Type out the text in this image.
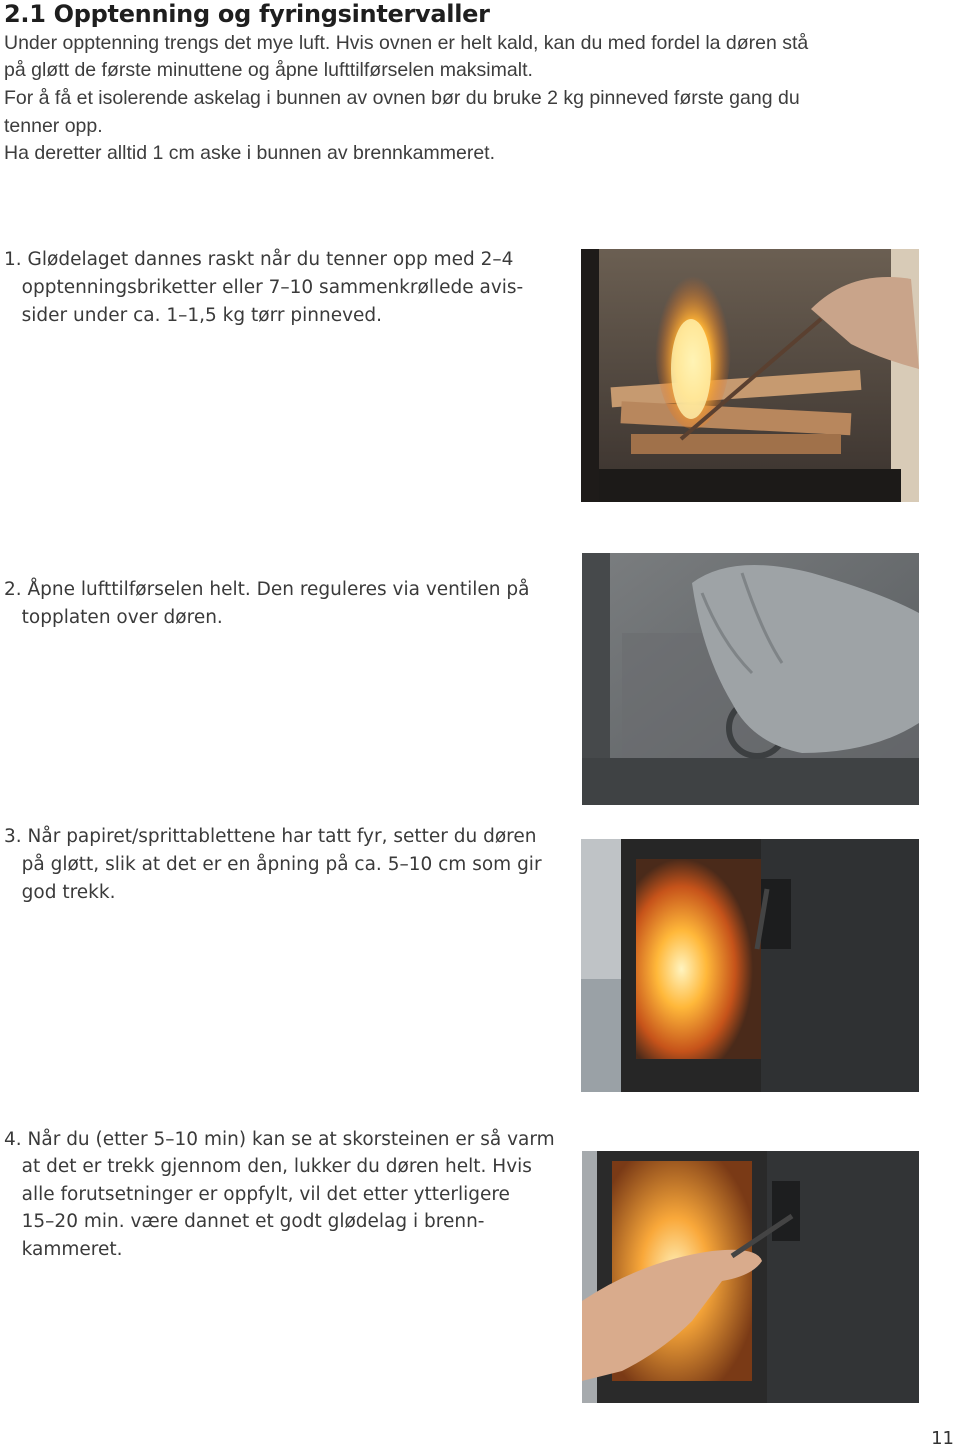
2.1 Opptenning og fyringsintervaller
Under opptenning trengs det mye luft. Hvis ovnen er helt kald, kan du med fordel la døren stå
på gløtt de første minuttene og åpne lufttilførselen maksimalt.
For å få et isolerende askelag i bunnen av ovnen bør du bruke 2 kg pinneved første gang du
tenner opp.
Ha deretter alltid 1 cm aske i bunnen av brennkammeret.
1. Glødelaget dannes raskt når du tenner opp med 2–4
opptenningsbriketter eller 7–10 sammenkrøllede avis-
sider under ca. 1–1,5 kg tørr pinneved.
2. Åpne lufttilførselen helt. Den reguleres via ventilen på
topplaten over døren.
3. Når papiret/sprittablettene har tatt fyr, setter du døren
på gløtt, slik at det er en åpning på ca. 5–10 cm som gir
god trekk.
4. Når du (etter 5–10 min) kan se at skorsteinen er så varm
at det er trekk gjennom den, lukker du døren helt. Hvis
alle forutsetninger er oppfylt, vil det etter ytterligere
15–20 min. være dannet et godt glødelag i brenn-
kammeret.
11
